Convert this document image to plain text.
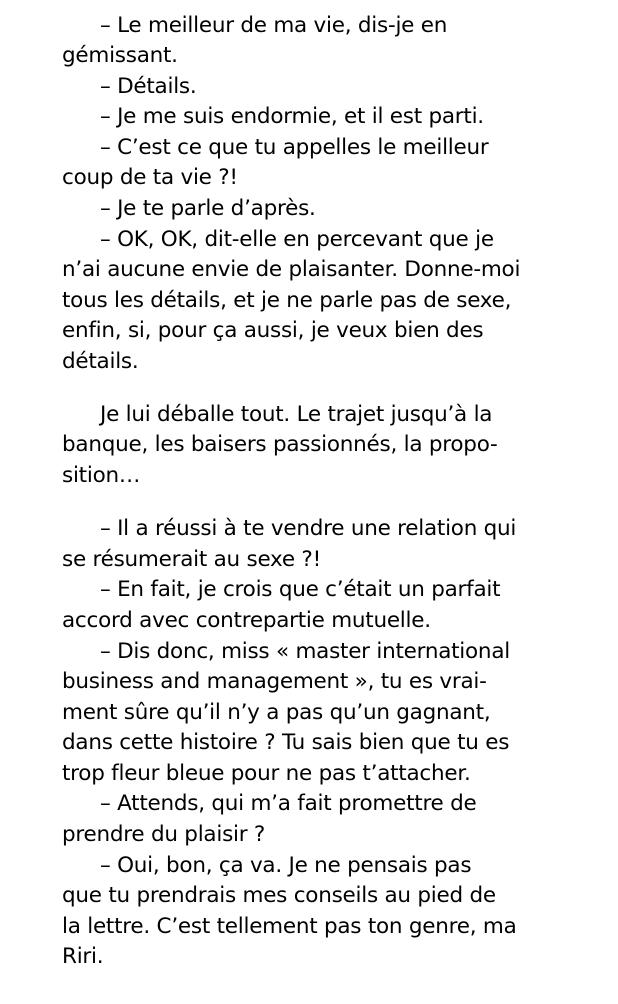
– Le meilleur de ma vie, dis-je en
gémissant.
– Détails.
– Je me suis endormie, et il est parti.
– C’est ce que tu appelles le meilleur
coup de ta vie ?!
– Je te parle d’après.
– OK, OK, dit-elle en percevant que je
n’ai aucune envie de plaisanter. Donne-moi
tous les détails, et je ne parle pas de sexe,
enfin, si, pour ça aussi, je veux bien des
détails.
Je lui déballe tout. Le trajet jusqu’à la
banque, les baisers passionnés, la propo-
sition…
– Il a réussi à te vendre une relation qui
se résumerait au sexe ?!
– En fait, je crois que c’était un parfait
accord avec contrepartie mutuelle.
– Dis donc, miss « master international
business and management », tu es vrai-
ment sûre qu’il n’y a pas qu’un gagnant,
dans cette histoire ? Tu sais bien que tu es
trop fleur bleue pour ne pas t’attacher.
– Attends, qui m’a fait promettre de
prendre du plaisir ?
– Oui, bon, ça va. Je ne pensais pas
que tu prendrais mes conseils au pied de
la lettre. C’est tellement pas ton genre, ma
Riri.
